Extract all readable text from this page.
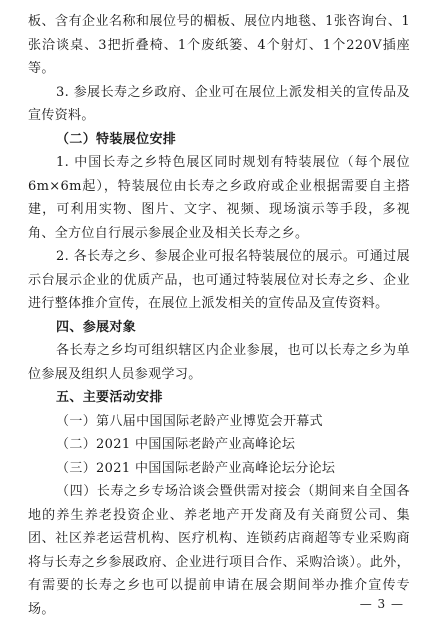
板、含有企业名称和展位号的楣板、展位内地毯、1张咨询台、1张洽谈桌、3把折叠椅、1个废纸篓、4个射灯、1个220V插座等。

3. 参展长寿之乡政府、企业可在展位上派发相关的宣传品及宣传资料。

（二）特装展位安排

1. 中国长寿之乡特色展区同时规划有特装展位（每个展位6m×6m起），特装展位由长寿之乡政府或企业根据需要自主搭建，可利用实物、图片、文字、视频、现场演示等手段，多视角、全方位自行展示参展企业及相关长寿之乡。

2. 各长寿之乡、参展企业可报名特装展位的展示。可通过展示台展示企业的优质产品，也可通过特装展位对长寿之乡、企业进行整体推介宣传，在展位上派发相关的宣传品及宣传资料。

四、参展对象

各长寿之乡均可组织辖区内企业参展，也可以长寿之乡为单位参展及组织人员参观学习。

五、主要活动安排

（一）第八届中国国际老龄产业博览会开幕式

（二）2021 中国国际老龄产业高峰论坛

（三）2021 中国国际老龄产业高峰论坛分论坛

（四）长寿之乡专场洽谈会暨供需对接会（期间来自全国各地的养生养老投资企业、养老地产开发商及有关商贸公司、集团、社区养老运营机构、医疗机构、连锁药店商超等专业采购商将与长寿之乡参展政府、企业进行项目合作、采购洽谈）。此外，有需要的长寿之乡也可以提前申请在展会期间举办推介宣传专场。	— 3 —
